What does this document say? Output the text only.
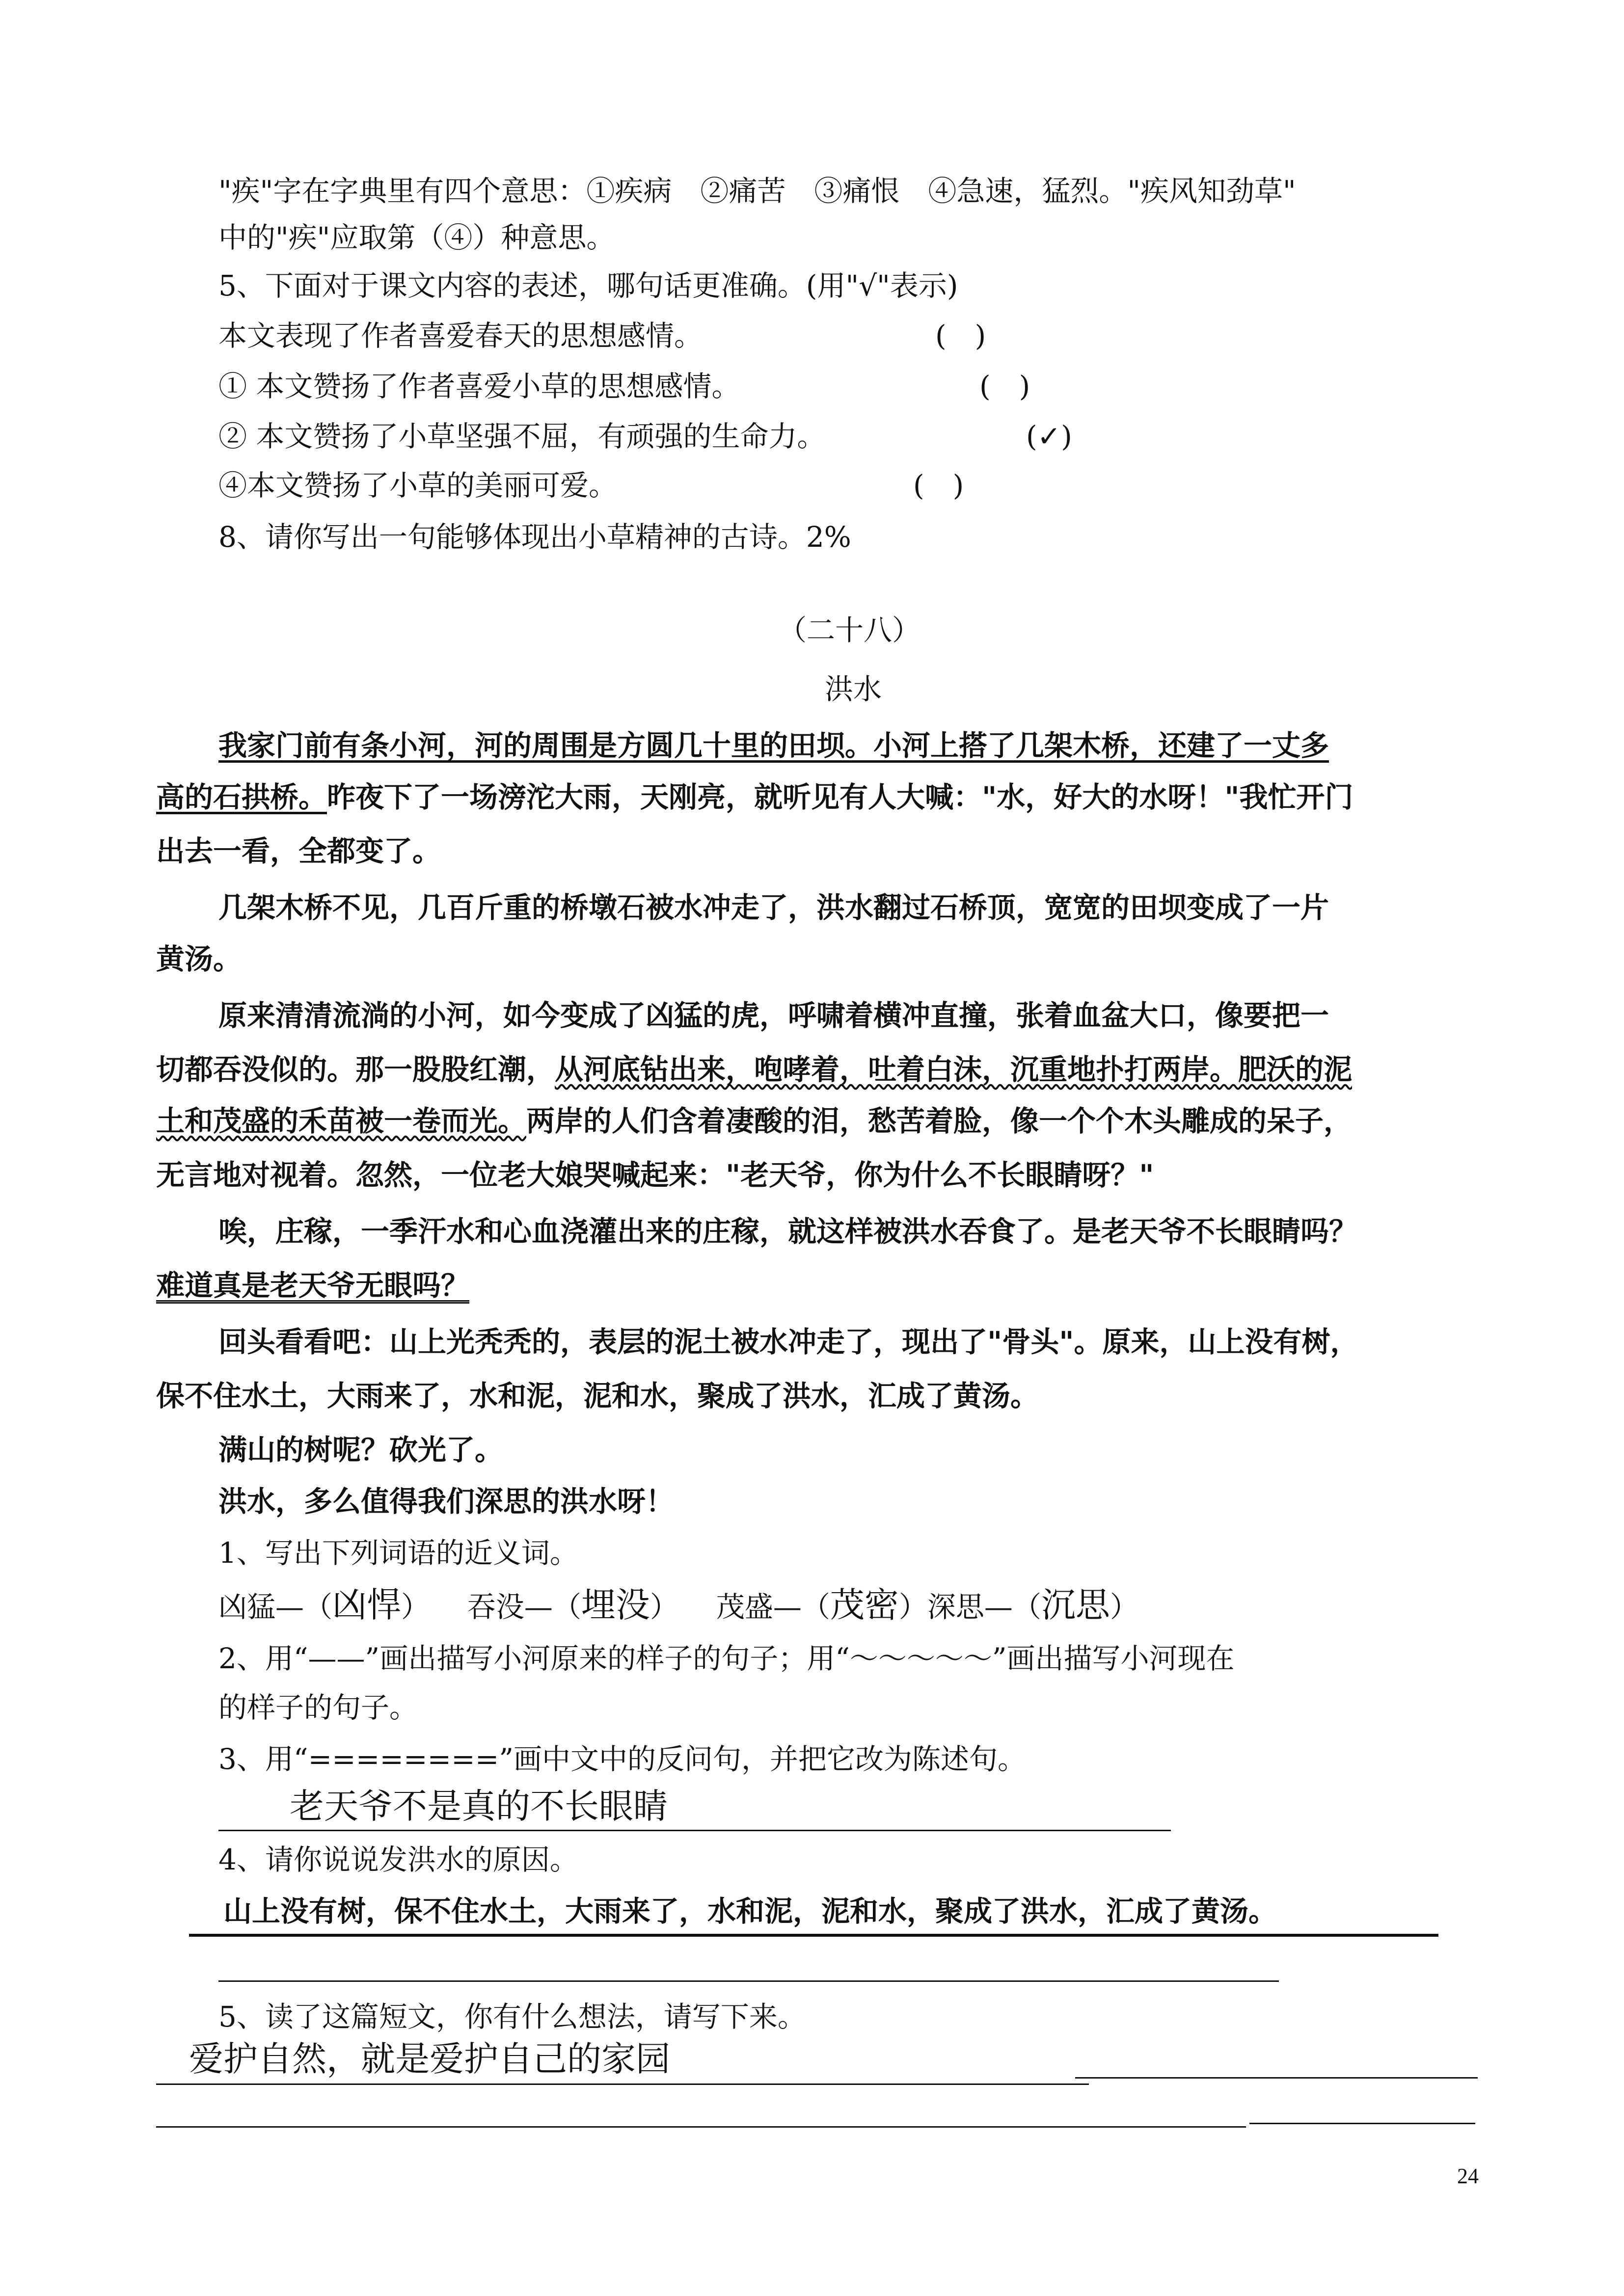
"疾"字在字典里有四个意思：①疾病　②痛苦　③痛恨　④急速，猛烈。"疾风知劲草"
中的"疾"应取第（④）种意思。
5、下面对于课文内容的表述，哪句话更准确。(用"√"表示)
本文表现了作者喜爱春天的思想感情。	(　)
① 本文赞扬了作者喜爱小草的思想感情。	(　)
② 本文赞扬了小草坚强不屈，有顽强的生命力。	(✓)
④本文赞扬了小草的美丽可爱。	(　)
8、请你写出一句能够体现出小草精神的古诗。2%
（二十八）
洪水
我家门前有条小河，河的周围是方圆几十里的田坝。小河上搭了几架木桥，还建了一丈多
高的石拱桥。昨夜下了一场滂沱大雨，天刚亮，就听见有人大喊："水，好大的水呀！"我忙开门
出去一看，全都变了。
几架木桥不见，几百斤重的桥墩石被水冲走了，洪水翻过石桥顶，宽宽的田坝变成了一片
黄汤。
原来清清流淌的小河，如今变成了凶猛的虎，呼啸着横冲直撞，张着血盆大口，像要把一
切都吞没似的。那一股股红潮，从河底钻出来，咆哮着，吐着白沫，沉重地扑打两岸。肥沃的泥
土和茂盛的禾苗被一卷而光。两岸的人们含着凄酸的泪，愁苦着脸，像一个个木头雕成的呆子，
无言地对视着。忽然，一位老大娘哭喊起来："老天爷，你为什么不长眼睛呀？"
唉，庄稼，一季汗水和心血浇灌出来的庄稼，就这样被洪水吞食了。是老天爷不长眼睛吗？
难道真是老天爷无眼吗？
回头看看吧：山上光秃秃的，表层的泥土被水冲走了，现出了"骨头"。原来，山上没有树，
保不住水土，大雨来了，水和泥，泥和水，聚成了洪水，汇成了黄汤。
满山的树呢？砍光了。
洪水，多么值得我们深思的洪水呀！
1、写出下列词语的近义词。
凶猛—（凶悍） 吞没—（埋没） 茂盛—（茂密）深思—（沉思）
2、用“——”画出描写小河原来的样子的句子；用“～～～～～”画出描写小河现在
的样子的句子。
3、用“========”画中文中的反问句，并把它改为陈述句。
老天爷不是真的不长眼睛
4、请你说说发洪水的原因。
山上没有树，保不住水土，大雨来了，水和泥，泥和水，聚成了洪水，汇成了黄汤。
5、读了这篇短文，你有什么想法，请写下来。
爱护自然，就是爱护自己的家园
24
